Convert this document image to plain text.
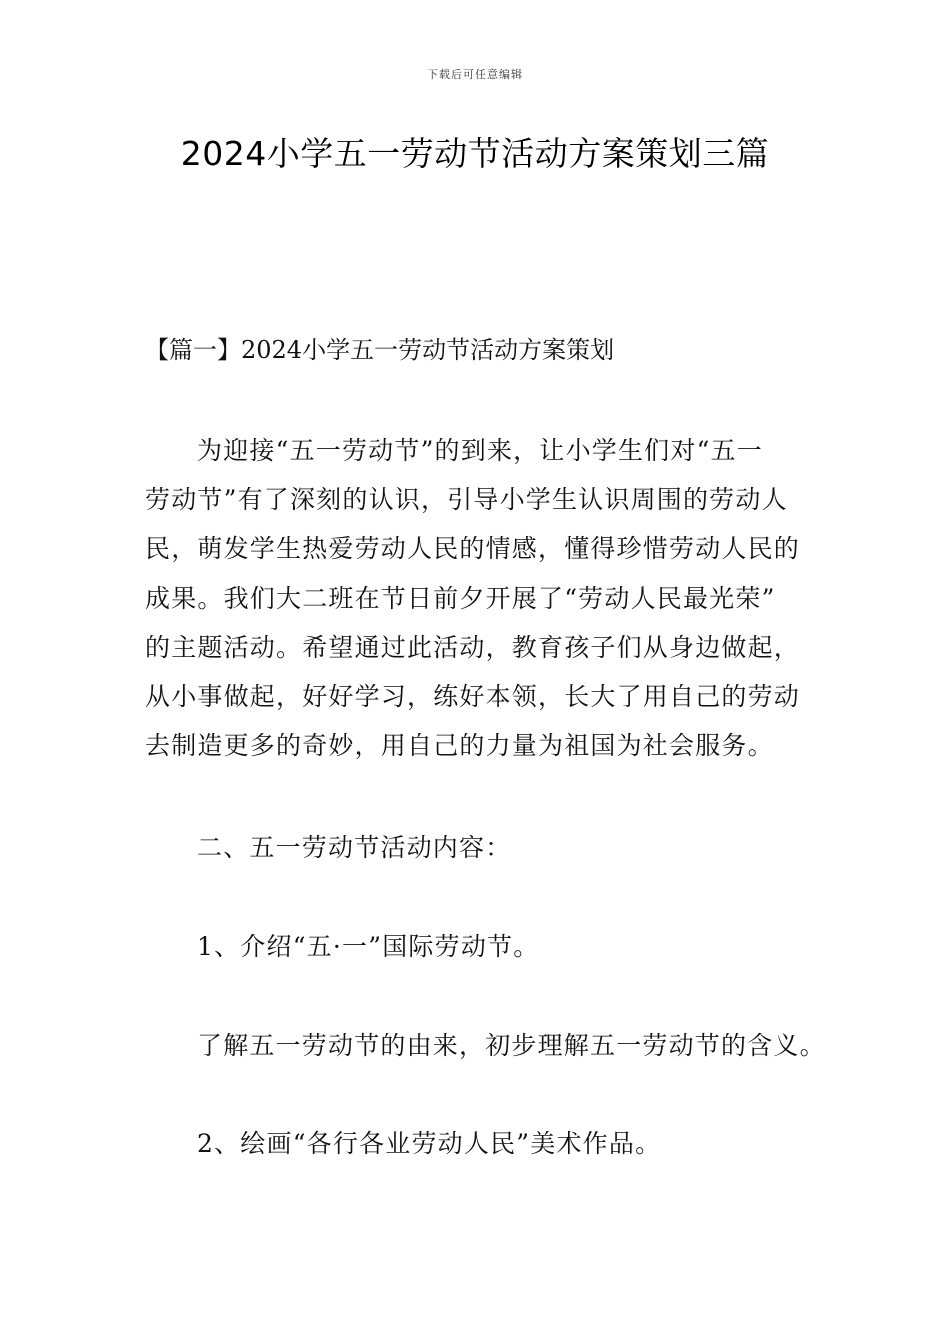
下载后可任意编辑
2024小学五一劳动节活动方案策划三篇
【篇一】2024小学五一劳动节活动方案策划
为迎接“五一劳动节”的到来，让小学生们对“五一
劳动节”有了深刻的认识，引导小学生认识周围的劳动人
民，萌发学生热爱劳动人民的情感，懂得珍惜劳动人民的
成果。我们大二班在节日前夕开展了“劳动人民最光荣”
的主题活动。希望通过此活动，教育孩子们从身边做起，
从小事做起，好好学习，练好本领，长大了用自己的劳动
去制造更多的奇妙，用自己的力量为祖国为社会服务。
二、五一劳动节活动内容：
1、介绍“五·一”国际劳动节。
了解五一劳动节的由来，初步理解五一劳动节的含义。
2、绘画“各行各业劳动人民”美术作品。
